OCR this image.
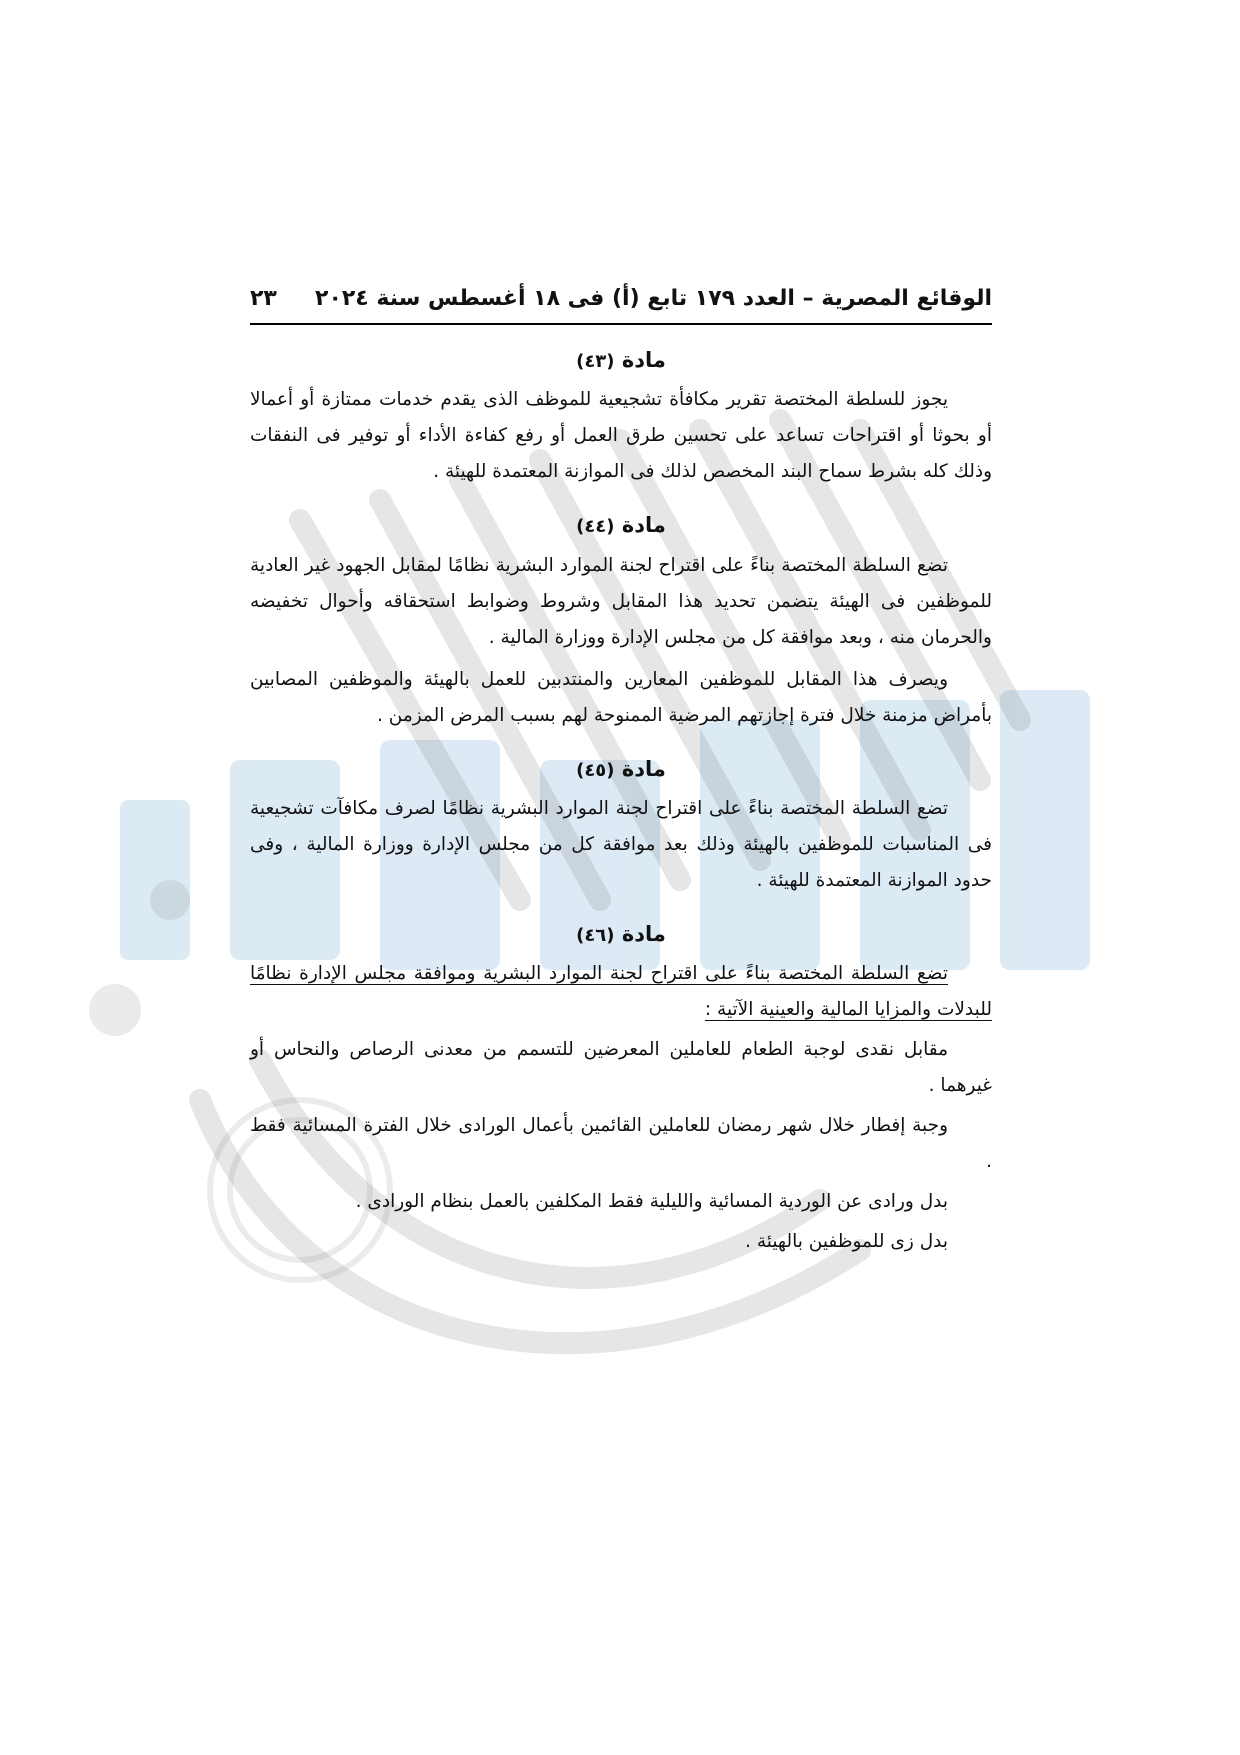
الوقائع المصرية – العدد ١٧٩ تابع (أ) فى ١٨ أغسطس سنة ٢٠٢٤
٢٣
مادة (٤٣)

يجوز للسلطة المختصة تقرير مكافأة تشجيعية للموظف الذى يقدم خدمات ممتازة أو أعمالا أو بحوثا أو اقتراحات تساعد على تحسين طرق العمل أو رفع كفاءة الأداء أو توفير فى النفقات وذلك كله بشرط سماح البند المخصص لذلك فى الموازنة المعتمدة للهيئة .

مادة (٤٤)

تضع السلطة المختصة بناءً على اقتراح لجنة الموارد البشرية نظامًا لمقابل الجهود غير العادية للموظفين فى الهيئة يتضمن تحديد هذا المقابل وشروط وضوابط استحقاقه وأحوال تخفيضه والحرمان منه ، وبعد موافقة كل من مجلس الإدارة ووزارة المالية .

ويصرف هذا المقابل للموظفين المعارين والمنتدبين للعمل بالهيئة والموظفين المصابين بأمراض مزمنة خلال فترة إجازتهم المرضية الممنوحة لهم بسبب المرض المزمن .

مادة (٤٥)

تضع السلطة المختصة بناءً على اقتراح لجنة الموارد البشرية نظامًا لصرف مكافآت تشجيعية فى المناسبات للموظفين بالهيئة وذلك بعد موافقة كل من مجلس الإدارة ووزارة المالية ، وفى حدود الموازنة المعتمدة للهيئة .

مادة (٤٦)

تضع السلطة المختصة بناءً على اقتراح لجنة الموارد البشرية وموافقة مجلس الإدارة نظامًا للبدلات والمزايا المالية والعينية الآتية :

مقابل نقدى لوجبة الطعام للعاملين المعرضين للتسمم من معدنى الرصاص والنحاس أو غيرهما .

وجبة إفطار خلال شهر رمضان للعاملين القائمين بأعمال الورادى خلال الفترة المسائية فقط .

بدل ورادى عن الوردية المسائية والليلية فقط المكلفين بالعمل بنظام الورادى .

بدل زى للموظفين بالهيئة .
